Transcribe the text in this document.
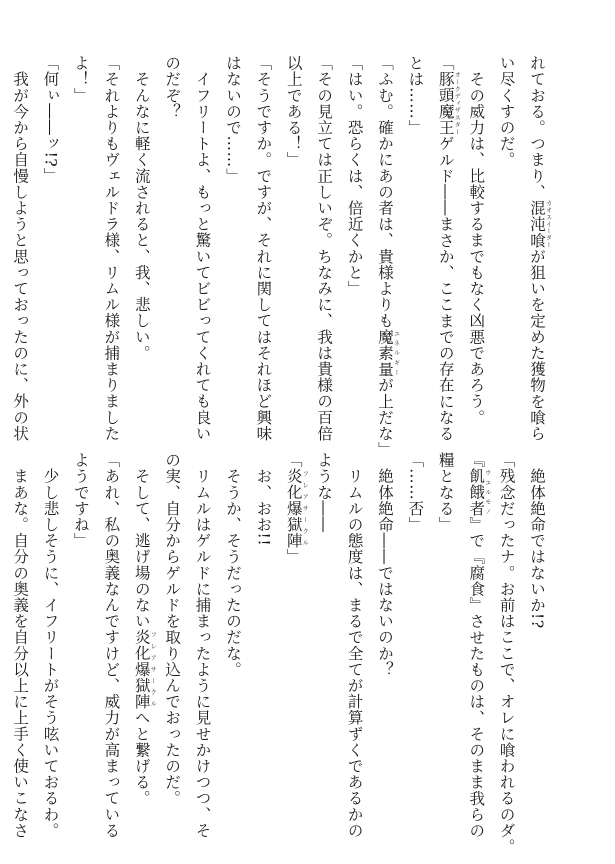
れておる。つまり、混沌喰カオスイーターが狙いを定めた獲物を喰ら
い尽くすのだ。
　その威力は、比較するまでもなく凶悪であろう。
「豚頭魔王オークディザスターゲルド――まさか、ここまでの存在になる
とは……」
「ふむ。確かにあの者は、貴様よりも魔素量エネルギーが上だな」
「はい。恐らくは、倍近くかと」
「その見立ては正しいぞ。ちなみに、我は貴様の百倍
以上である！」
「そうですか。ですが、それに関してはそれほど興味
はないので……」
　イフリートよ、もっと驚いてビビってくれても良い
のだぞ？
　そんなに軽く流されると、我、悲しい。
「それよりもヴェルドラ様、リムル様が捕まりました
よ！」
「何ぃ――ッ!?」
　我が今から自慢しようと思っておったのに、外の状
　絶体絶命ではないか!?
「残念だったナ。お前はここで、オレに喰われるのダ。
『飢餓者ウエルモノ』で『腐食』させたものは、そのまま我らの
糧となる」
「……否」
　絶体絶命――ではないのか？
　リムルの態度は、まるで全てが計算ずくであるかの
ような――
「炎化爆獄陣フレアサークル」
　お、おお!!
　そうか、そうだったのだな。
　リムルはゲルドに捕まったように見せかけつつ、そ
の実、自分からゲルドを取り込んでおったのだ。
　そして、逃げ場のない炎化爆獄陣フレアサークルへと繋げる。
「あれ、私の奥義なんですけど、威力が高まっている
ようですね」
　少し悲しそうに、イフリートがそう呟いておるわ。
　まあな。自分の奥義を自分以上に上手く使いこなさ
